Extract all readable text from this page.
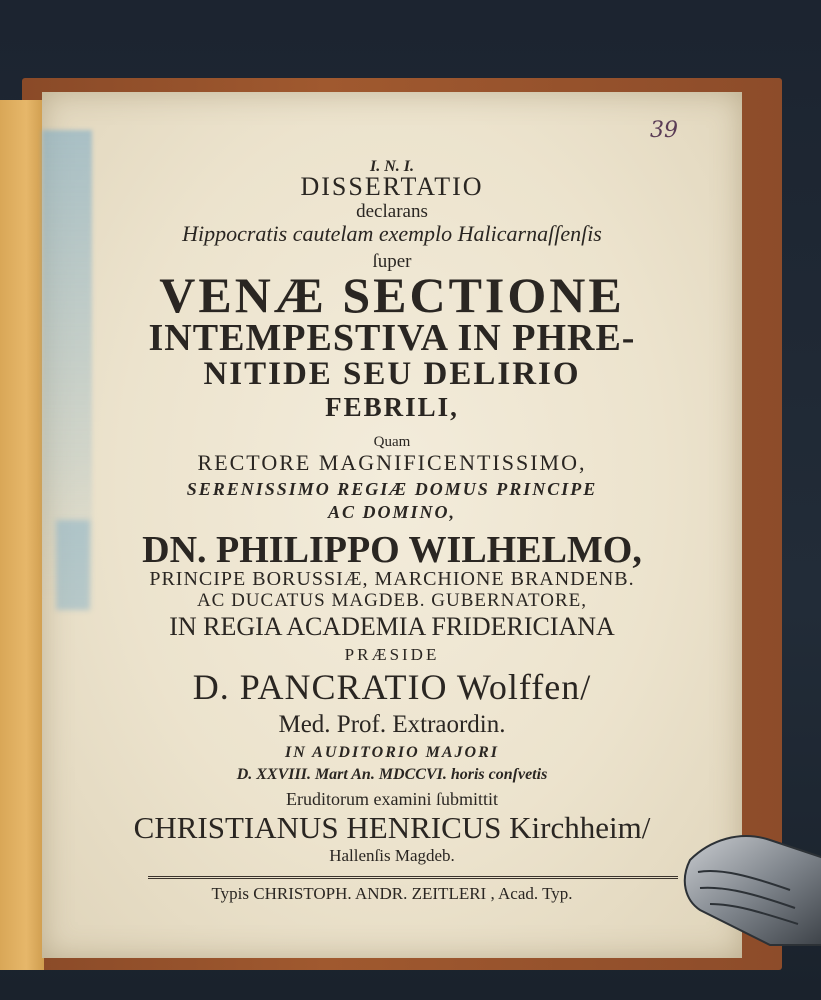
39
I. N. I.
DISSERTATIO
declarans
Hippocratis cautelam exemplo Halicarnaſſenſis
ſuper
VENÆ SECTIONE
INTEMPESTIVA IN PHRE-
NITIDE SEU DELIRIO
FEBRILI,
Quam
RECTORE MAGNIFICENTISSIMO,
SERENISSIMO REGIÆ DOMUS PRINCIPE
AC DOMINO,
DN. PHILIPPO WILHELMO,
PRINCIPE BORUSSIÆ, MARCHIONE BRANDENB.
AC DUCATUS MAGDEB. GUBERNATORE,
IN REGIA ACADEMIA FRIDERICIANA
PRÆSIDE
D. PANCRATIO Wolffen/
Med. Prof. Extraordin.
IN AUDITORIO MAJORI
D. XXVIII. Mart An. MDCCVI. horis conſvetis
Eruditorum examini ſubmittit
CHRISTIANUS HENRICUS Kirchheim/
Hallenſis Magdeb.
Typis CHRISTOPH. ANDR. ZEITLERI , Acad. Typ.
